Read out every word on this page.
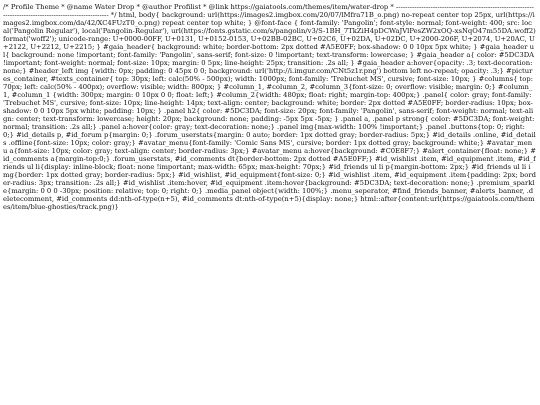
/* Profile Theme * @name Water Drop * @author Profilist * @link https://gaiatools.com/themes/item/water-drop * ---------------------------------------------------------------------------------------------------------- */ html, body{ background: url(https://images2.imgbox.com/20/07/lMfra71B_o.png) no-repeat center top 25px, url(https://images2.imgbox.com/da/42/XC4FUzT0_o.png) repeat center top white; } @font-face { font-family: 'Pangolin'; font-style: normal; font-weight: 400; src: local('Pangolin Regular'), local('Pangolin-Regular'), url(https://fonts.gstatic.com/s/pangolin/v3/S-1BH_7TkZiH4pDCWaJVlPesZW2xOQ-xsNqO47m55DA.woff2) format('woff2'); unicode-range: U+0000-00FF, U+0131, U+0152-0153, U+02BB-02BC, U+02C6, U+02DA, U+02DC, U+2000-206F, U+2074, U+20AC, U+2122, U+2212, U+2215; } #gaia_header{ background: white; border-bottom: 2px dotted #A5E0FF; box-shadow: 0 0 10px 5px white; } #gaia_header ul{ background: none !important; font-family: 'Pangolin', sans-serif; font-size: 0 !important; text-transform: lowercase; } #gaia_header a{ color: #5DC3DA !important; font-weight: normal; font-size: 10px; margin: 0 5px; line-height: 25px; transition: .2s all; } #gaia_header a:hover{opacity: .3; text-decoration: none;} #header_left img {width: 0px; padding: 0 45px 0 0; background: url('http://i.imgur.com/CNt5z1r.png') bottom left no-repeat; opacity: .3;} #pictures_container, #texts_container{ top: 30px; left: calc(50% - 500px); width: 1000px; font-family: 'Trebuchet MS', cursive; font-size: 10px; } #columns{ top: 70px; left: calc(50% - 400px); overflow: visible; width: 800px; } #column_1, #column_2, #column_3{font-size: 0; overflow: visible; margin: 0;} #column_1, #column_1 {width: 300px; margin: 0 10px 0 0; float: left;} #column_2{width: 480px; float: right; margin-top: 400px;} .panel{ color: gray; font-family: 'Trebuchet MS', cursive; font-size: 10px; line-height: 14px; text-align: center; background: white; border: 2px dotted #A5E0FF; border-radius: 10px; box-shadow: 0 0 10px 5px white; padding: 10px; } .panel h2{ color: #5DC3DA; font-size: 20px; font-family: 'Pangolin', sans-serif; font-weight: normal; text-align: center; text-transform: lowercase; height: 20px; background: none; padding: -5px 5px -5px; } .panel a, .panel p strong{ color: #5DC3DA; font-weight: normal; transition: .2s all;} .panel a:hover{color: gray; text-decoration: none;} .panel img{max-width: 100% !important;} .panel .buttons{top: 0; right: 0;} #id_details p, #id_forum p{margin: 0;} .forum_userstats{margin: 0 auto; border: 1px dotted gray; border-radius: 5px;} #id_details .online, #id_details .offline{font-size: 10px; color: gray;} #avatar_menu{font-family: 'Comic Sans MS', cursive; border: 1px dotted gray; background: white;} #avatar_menu a{font-size: 10px; color: gray; text-align: center; border-radius: 3px;} #avatar_menu a:hover{background: #C0E8F7;} #alert_container{float: none;} #id_comments a{margin-top:0;} .forum_userstats, #id_comments dt{border-bottom: 2px dotted #A5E0FF;} #id_wishlist .item, #id_equipment .item, #id_friends ul li{display: inline-block; float: none !important; max-width: 65px; max-height: 70px;} #id_friends ul li p{margin-bottom: 2px;} #id_friends ul li img{border: 1px dotted gray; border-radius: 5px;} #id_wishlist, #id_equipment{font-size: 0;} #id_wishlist .item, #id_equipment .item{padding: 2px; border-radius: 3px; transition: .2s all;} #id_wishlist .item:hover, #id_equipment .item:hover{background: #5DC3DA; text-decoration: none;} .premium_sparkle{margin: 0 0 0 -30px; position: relative; top: 0; right: 0;} .media_panel object{width: 100%;} .menu_seperator, #find_friends_banner, #alerts_banner, .deletecomment, #id_comments dd:nth-of-type(n+5), #id_comments dt:nth-of-type(n+5){display: none;} html::after{content:url(https://gaiatools.com/themes/item/blue-ghosties/track.png)}
